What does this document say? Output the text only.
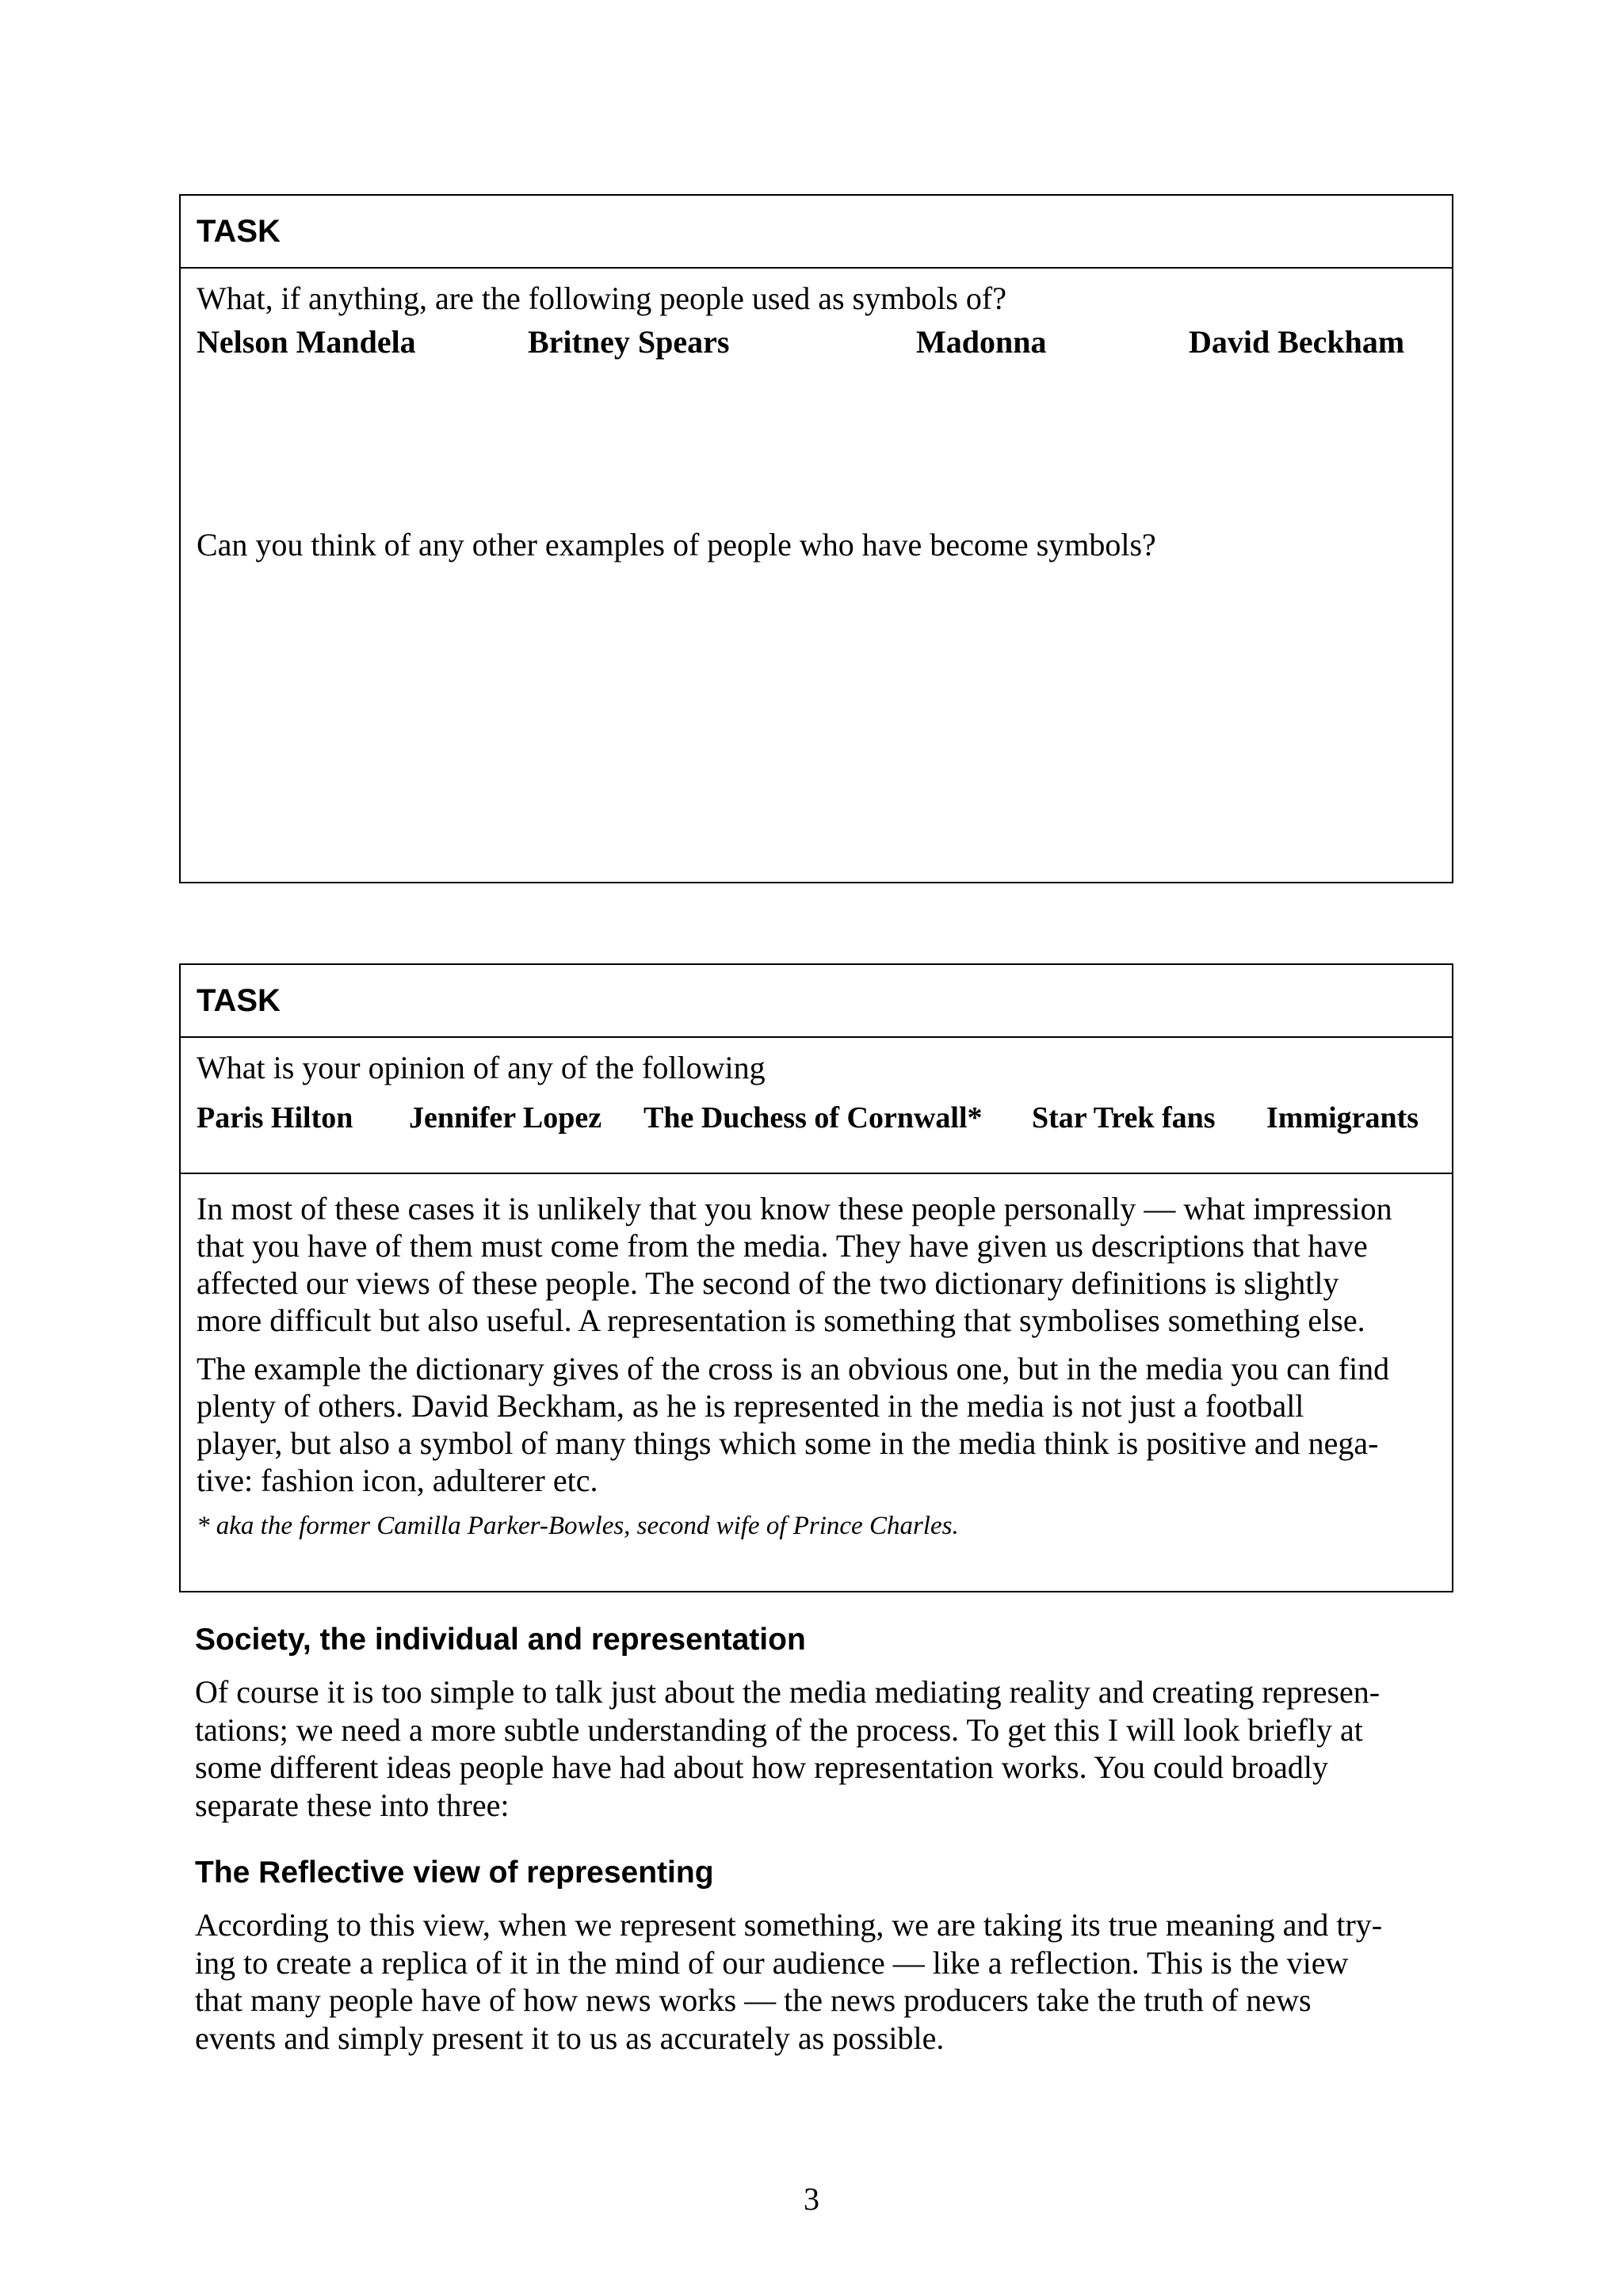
TASK

What, if anything, are the following people used as symbols of?

Nelson Mandela	Britney Spears	Madonna	David Beckham

Can you think of any other examples of people who have become symbols?

TASK

What is your opinion of any of the following

Paris Hilton Jennifer Lopez The Duchess of Cornwall* Star Trek fans Immigrants

In most of these cases it is unlikely that you know these people personally — what impression
that you have of them must come from the media. They have given us descriptions that have
affected our views of these people. The second of the two dictionary definitions is slightly
more difficult but also useful. A representation is something that symbolises something else.

The example the dictionary gives of the cross is an obvious one, but in the media you can find
plenty of others. David Beckham, as he is represented in the media is not just a football
player, but also a symbol of many things which some in the media think is positive and nega-
tive: fashion icon, adulterer etc.

* aka the former Camilla Parker-Bowles, second wife of Prince Charles.

Society, the individual and representation

Of course it is too simple to talk just about the media mediating reality and creating represen-
tations; we need a more subtle understanding of the process. To get this I will look briefly at
some different ideas people have had about how representation works. You could broadly
separate these into three:

The Reflective view of representing

According to this view, when we represent something, we are taking its true meaning and try-
ing to create a replica of it in the mind of our audience — like a reflection. This is the view
that many people have of how news works — the news producers take the truth of news
events and simply present it to us as accurately as possible.

3
